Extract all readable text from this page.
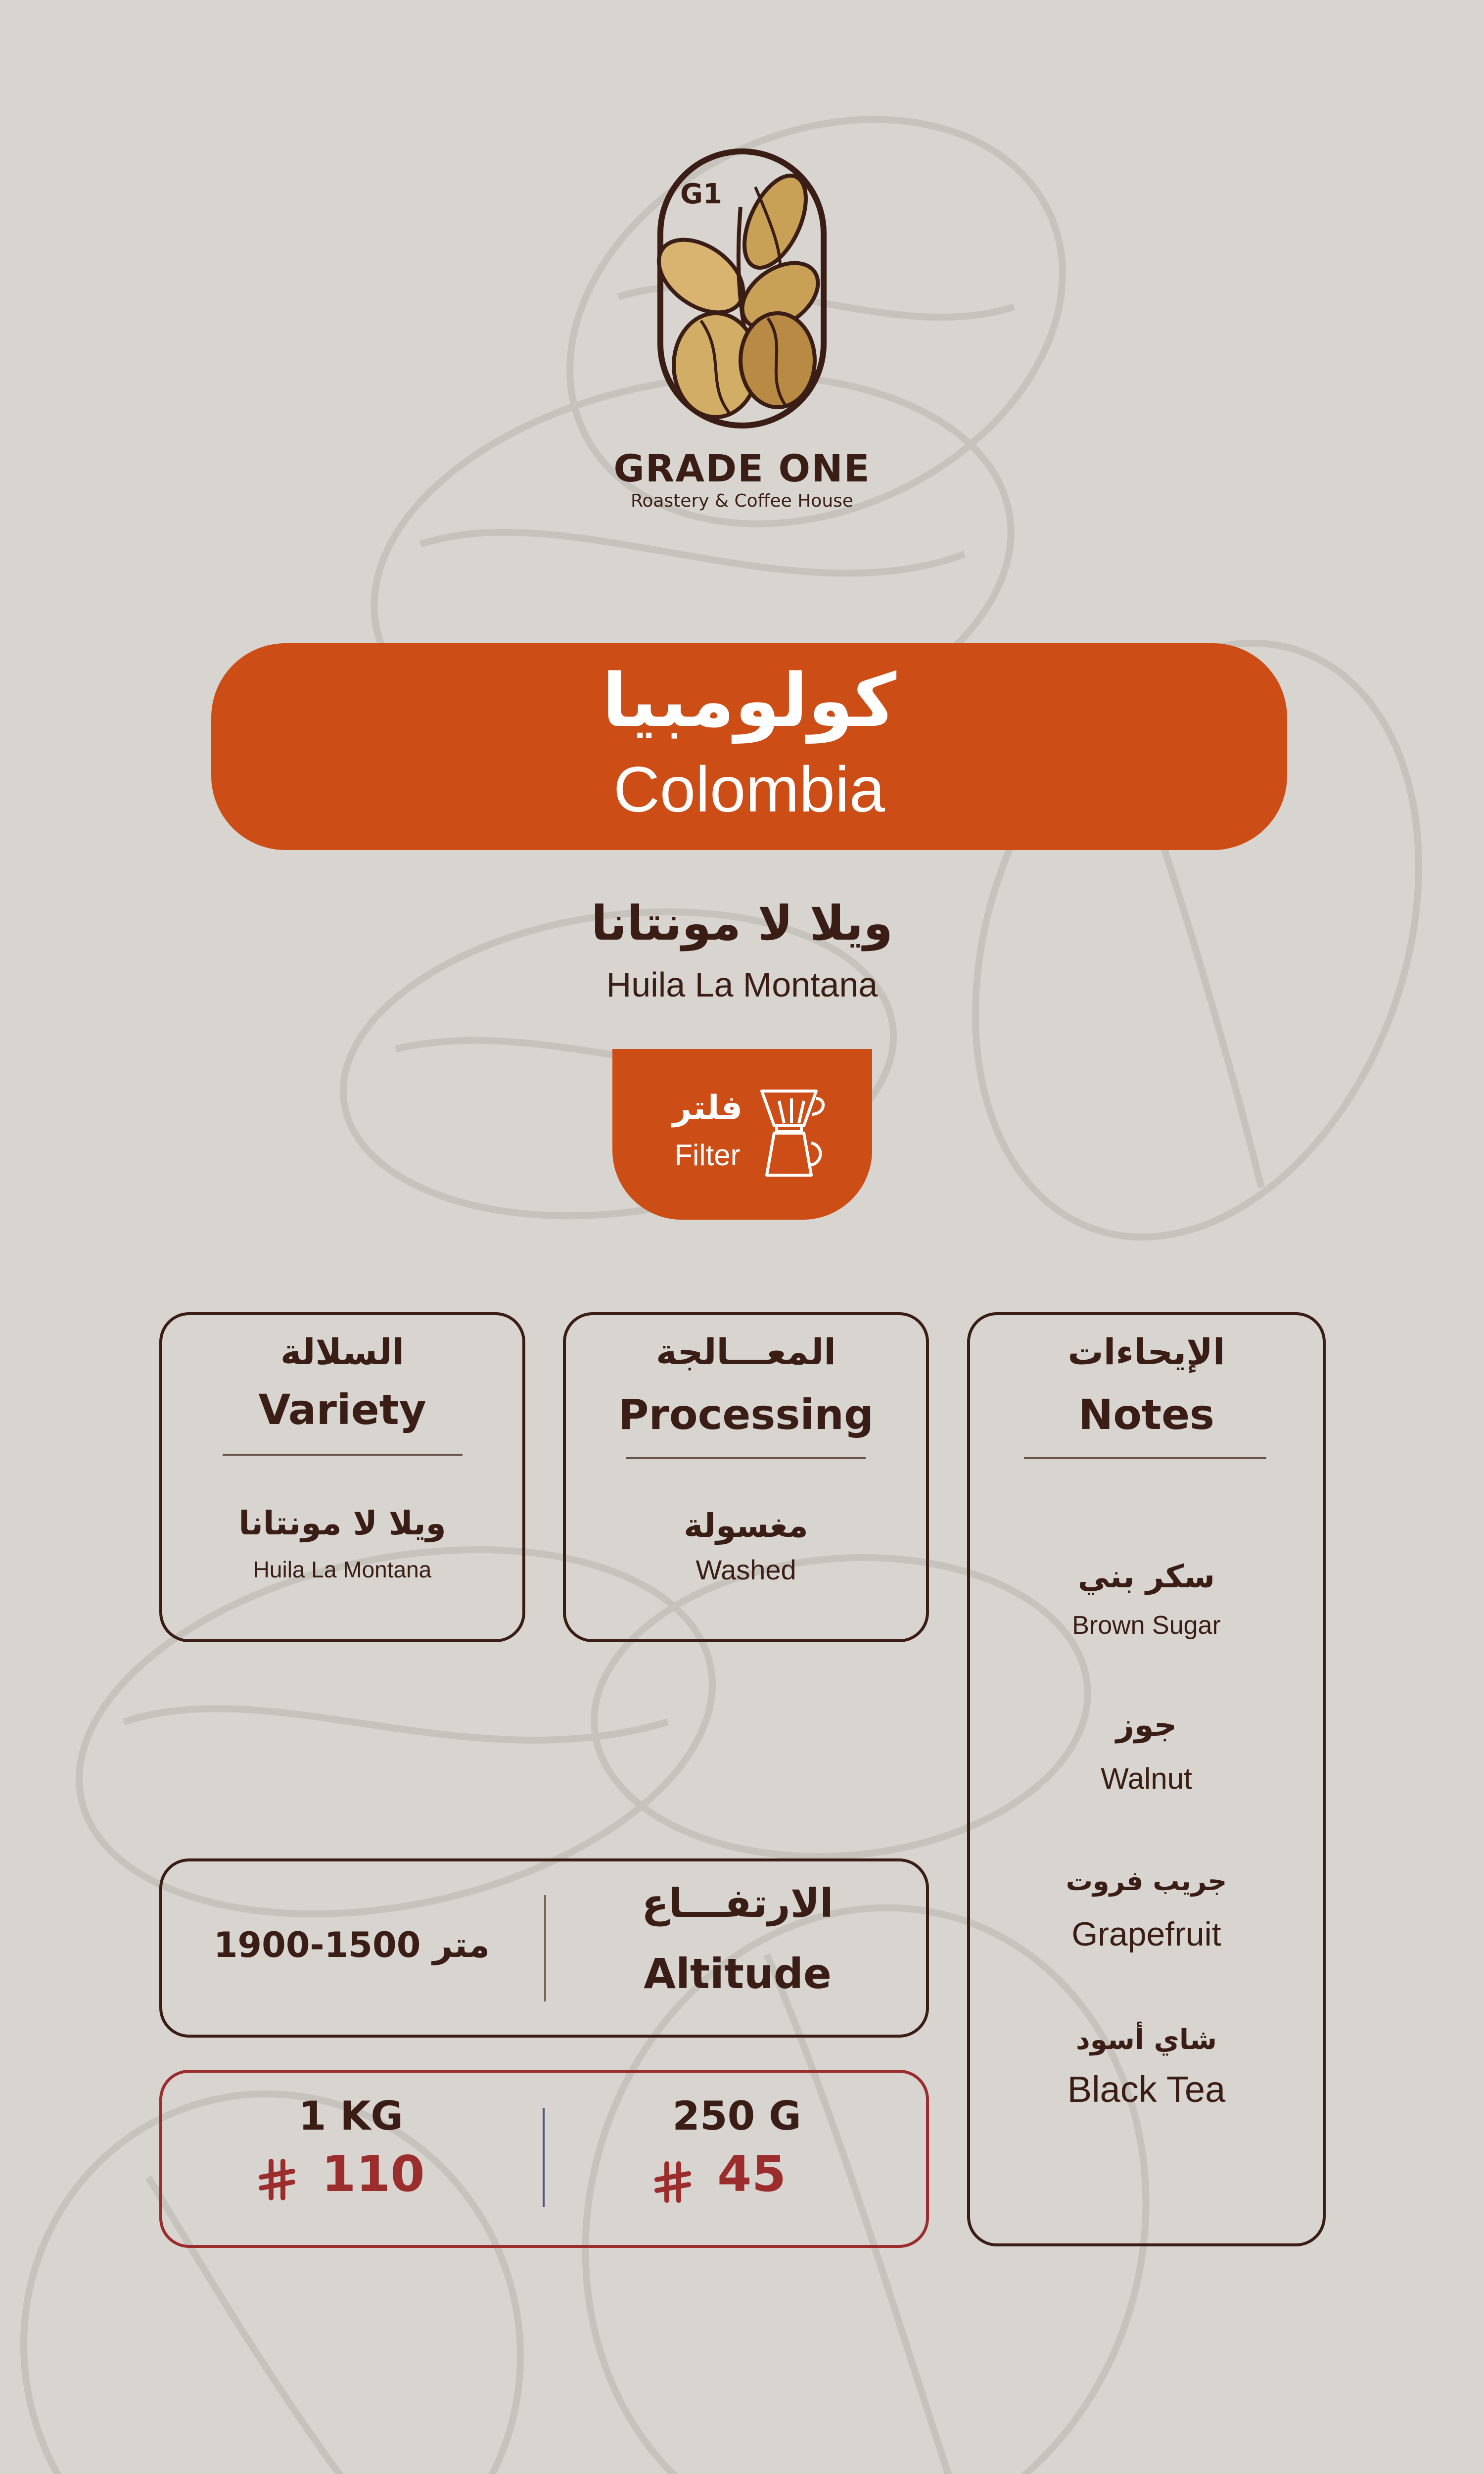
G1
GRADE ONE
Roastery & Coffee House
كولومبيا
Colombia
ويلا لا مونتانا
Huila La Montana
فلتر
Filter
السلالة
Variety
ويلا لا مونتانا
Huila La Montana
المعـــالجة
Processing
مغسولة
Washed
الإيحاءات
Notes
سكر بني
Brown Sugar
جوز
Walnut
جريب فروت
Grapefruit
شاي أسود
Black Tea
1900-1500 متر
الارتفـــاع
Altitude
1 KG
110
250 G
45
